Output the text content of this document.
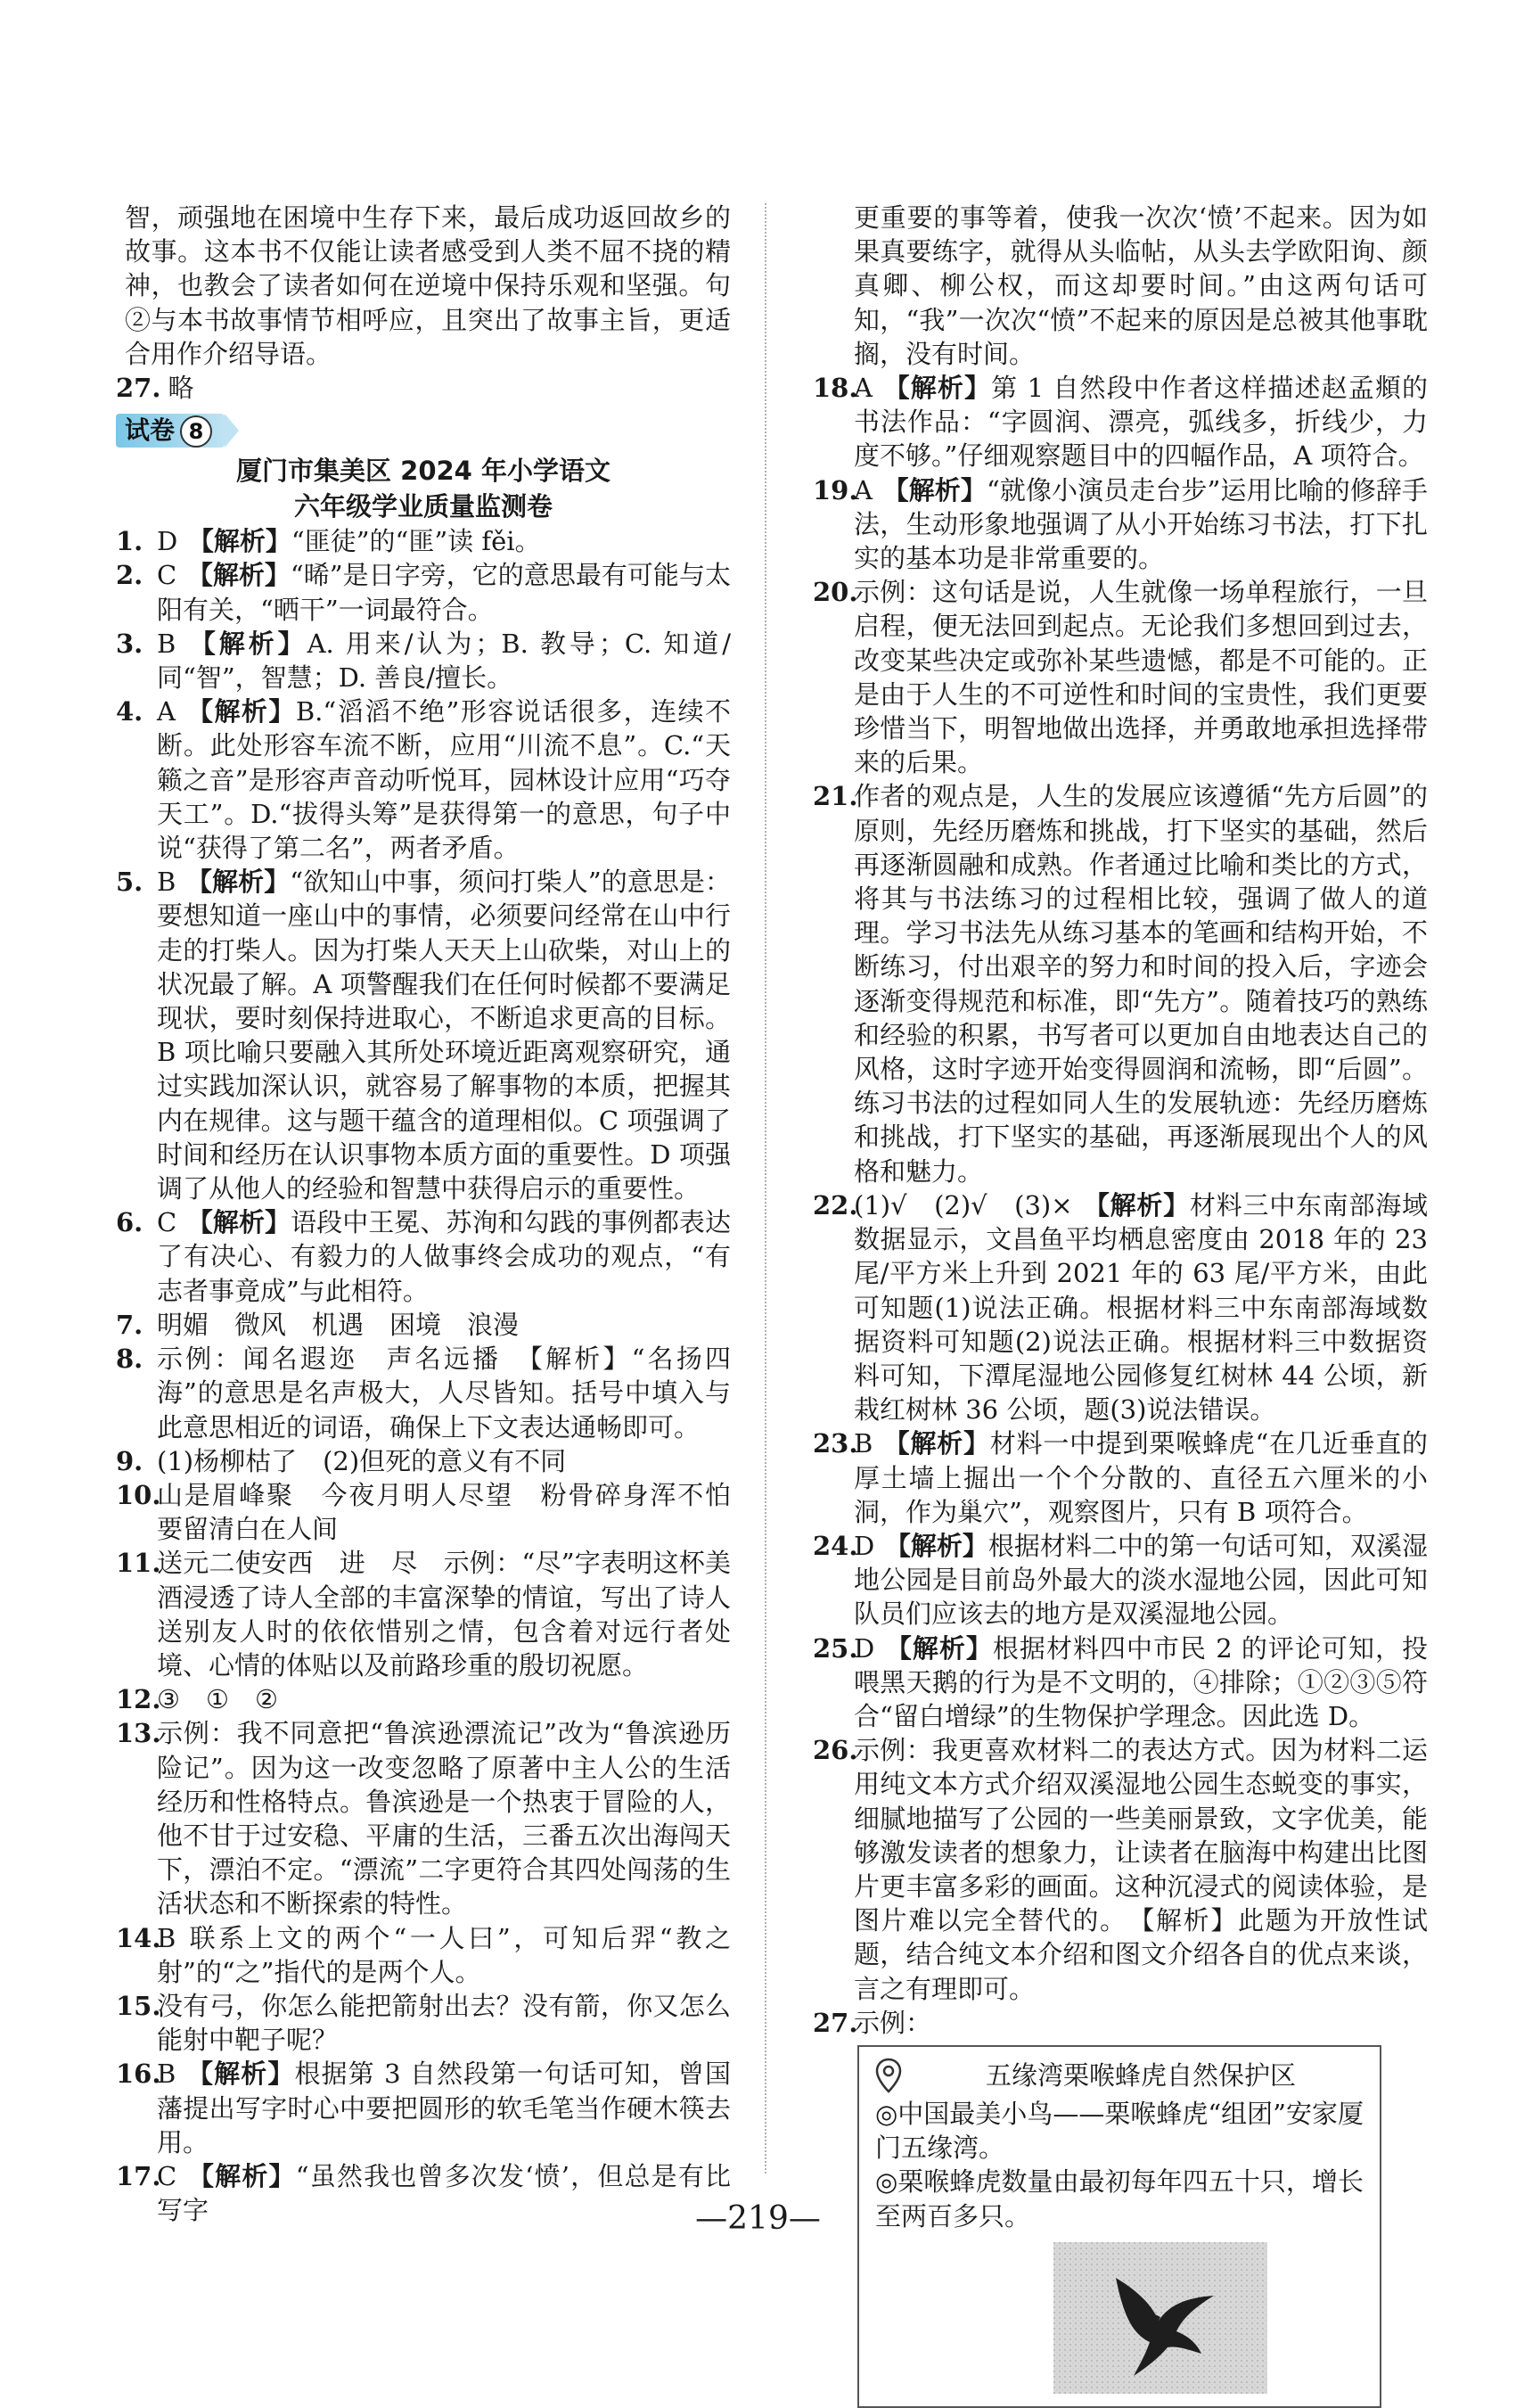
智，顽强地在困境中生存下来，最后成功返回故乡的故事。这本书不仅能让读者感受到人类不屈不挠的精神，也教会了读者如何在逆境中保持乐观和坚强。句②与本书故事情节相呼应，且突出了故事主旨，更适合用作介绍导语。

27. 略
试卷 8

厦门市集美区 2024 年小学语文

六年级学业质量监测卷

1. D 【解析】“匪徒”的“匪”读 fěi。
2. C 【解析】“晞”是日字旁，它的意思最有可能与太阳有关，“晒干”一词最符合。
3. B 【解析】A. 用来/认为；B. 教导；C. 知道/同“智”，智慧；D. 善良/擅长。
4. A 【解析】B.“滔滔不绝”形容说话很多，连续不断。此处形容车流不断，应用“川流不息”。C.“天籁之音”是形容声音动听悦耳，园林设计应用“巧夺天工”。D.“拔得头筹”是获得第一的意思，句子中说“获得了第二名”，两者矛盾。
5. B 【解析】“欲知山中事，须问打柴人”的意思是：要想知道一座山中的事情，必须要问经常在山中行走的打柴人。因为打柴人天天上山砍柴，对山上的状况最了解。A 项警醒我们在任何时候都不要满足现状，要时刻保持进取心，不断追求更高的目标。B 项比喻只要融入其所处环境近距离观察研究，通过实践加深认识，就容易了解事物的本质，把握其内在规律。这与题干蕴含的道理相似。C 项强调了时间和经历在认识事物本质方面的重要性。D 项强调了从他人的经验和智慧中获得启示的重要性。
6. C 【解析】语段中王冕、苏洵和勾践的事例都表达了有决心、有毅力的人做事终会成功的观点，“有志者事竟成”与此相符。
7. 明媚　微风　机遇　困境　浪漫
8. 示例：闻名遐迩　声名远播　【解析】“名扬四海”的意思是名声极大，人尽皆知。括号中填入与此意思相近的词语，确保上下文表达通畅即可。
9. (1)杨柳枯了　(2)但死的意义有不同
10.
山是眉峰聚　今夜月明人尽望　粉骨碎身浑不怕　要留清白在人间
11.
送元二使安西　进　尽　示例：“尽”字表明这杯美酒浸透了诗人全部的丰富深挚的情谊，写出了诗人送别友人时的依依惜别之情，包含着对远行者处境、心情的体贴以及前路珍重的殷切祝愿。
12.
③　①　②
13.
示例：我不同意把“鲁滨逊漂流记”改为“鲁滨逊历险记”。因为这一改变忽略了原著中主人公的生活经历和性格特点。鲁滨逊是一个热衷于冒险的人，他不甘于过安稳、平庸的生活，三番五次出海闯天下，漂泊不定。“漂流”二字更符合其四处闯荡的生活状态和不断探索的特性。
14.
B 联系上文的两个“一人曰”，可知后羿“教之射”的“之”指代的是两个人。
15.
没有弓，你怎么能把箭射出去？没有箭，你又怎么能射中靶子呢？
16.
B 【解析】根据第 3 自然段第一句话可知，曾国藩提出写字时心中要把圆形的软毛笔当作硬木筷去用。
17.
C 【解析】“虽然我也曾多次发‘愤’，但总是有比写字

更重要的事等着，使我一次次‘愤’不起来。因为如果真要练字，就得从头临帖，从头去学欧阳询、颜真卿、柳公权，而这却要时间。”由这两句话可知，“我”一次次“愤”不起来的原因是总被其他事耽搁，没有时间。

18.
A 【解析】第 1 自然段中作者这样描述赵孟頫的书法作品：“字圆润、漂亮，弧线多，折线少，力度不够。”仔细观察题目中的四幅作品，A 项符合。
19.
A 【解析】“就像小演员走台步”运用比喻的修辞手法，生动形象地强调了从小开始练习书法，打下扎实的基本功是非常重要的。
20.
示例：这句话是说，人生就像一场单程旅行，一旦启程，便无法回到起点。无论我们多想回到过去，改变某些决定或弥补某些遗憾，都是不可能的。正是由于人生的不可逆性和时间的宝贵性，我们更要珍惜当下，明智地做出选择，并勇敢地承担选择带来的后果。
21.
作者的观点是，人生的发展应该遵循“先方后圆”的原则，先经历磨炼和挑战，打下坚实的基础，然后再逐渐圆融和成熟。作者通过比喻和类比的方式，将其与书法练习的过程相比较，强调了做人的道理。学习书法先从练习基本的笔画和结构开始，不断练习，付出艰辛的努力和时间的投入后，字迹会逐渐变得规范和标准，即“先方”。随着技巧的熟练和经验的积累，书写者可以更加自由地表达自己的风格，这时字迹开始变得圆润和流畅，即“后圆”。练习书法的过程如同人生的发展轨迹：先经历磨炼和挑战，打下坚实的基础，再逐渐展现出个人的风格和魅力。
22.
(1)√　(2)√　(3)× 【解析】材料三中东南部海域数据显示，文昌鱼平均栖息密度由 2018 年的 23 尾/平方米上升到 2021 年的 63 尾/平方米，由此可知题(1)说法正确。根据材料三中东南部海域数据资料可知题(2)说法正确。根据材料三中数据资料可知，下潭尾湿地公园修复红树林 44 公顷，新栽红树林 36 公顷，题(3)说法错误。
23.
B 【解析】材料一中提到栗喉蜂虎“在几近垂直的厚土墙上掘出一个个分散的、直径五六厘米的小洞，作为巢穴”，观察图片，只有 B 项符合。
24.
D 【解析】根据材料二中的第一句话可知，双溪湿地公园是目前岛外最大的淡水湿地公园，因此可知队员们应该去的地方是双溪湿地公园。
25.
D 【解析】根据材料四中市民 2 的评论可知，投喂黑天鹅的行为是不文明的，④排除；①②③⑤符合“留白增绿”的生物保护学理念。因此选 D。
26.
示例：我更喜欢材料二的表达方式。因为材料二运用纯文本方式介绍双溪湿地公园生态蜕变的事实，细腻地描写了公园的一些美丽景致，文字优美，能够激发读者的想象力，让读者在脑海中构建出比图片更丰富多彩的画面。这种沉浸式的阅读体验，是图片难以完全替代的。　【解析】此题为开放性试题，结合纯文本介绍和图文介绍各自的优点来谈，言之有理即可。
27.
示例：
五缘湾栗喉蜂虎自然保护区

◎中国最美小鸟——栗喉蜂虎“组团”安家厦门五缘湾。

◎栗喉蜂虎数量由最初每年四五十只，增长至两百多只。

—219—
